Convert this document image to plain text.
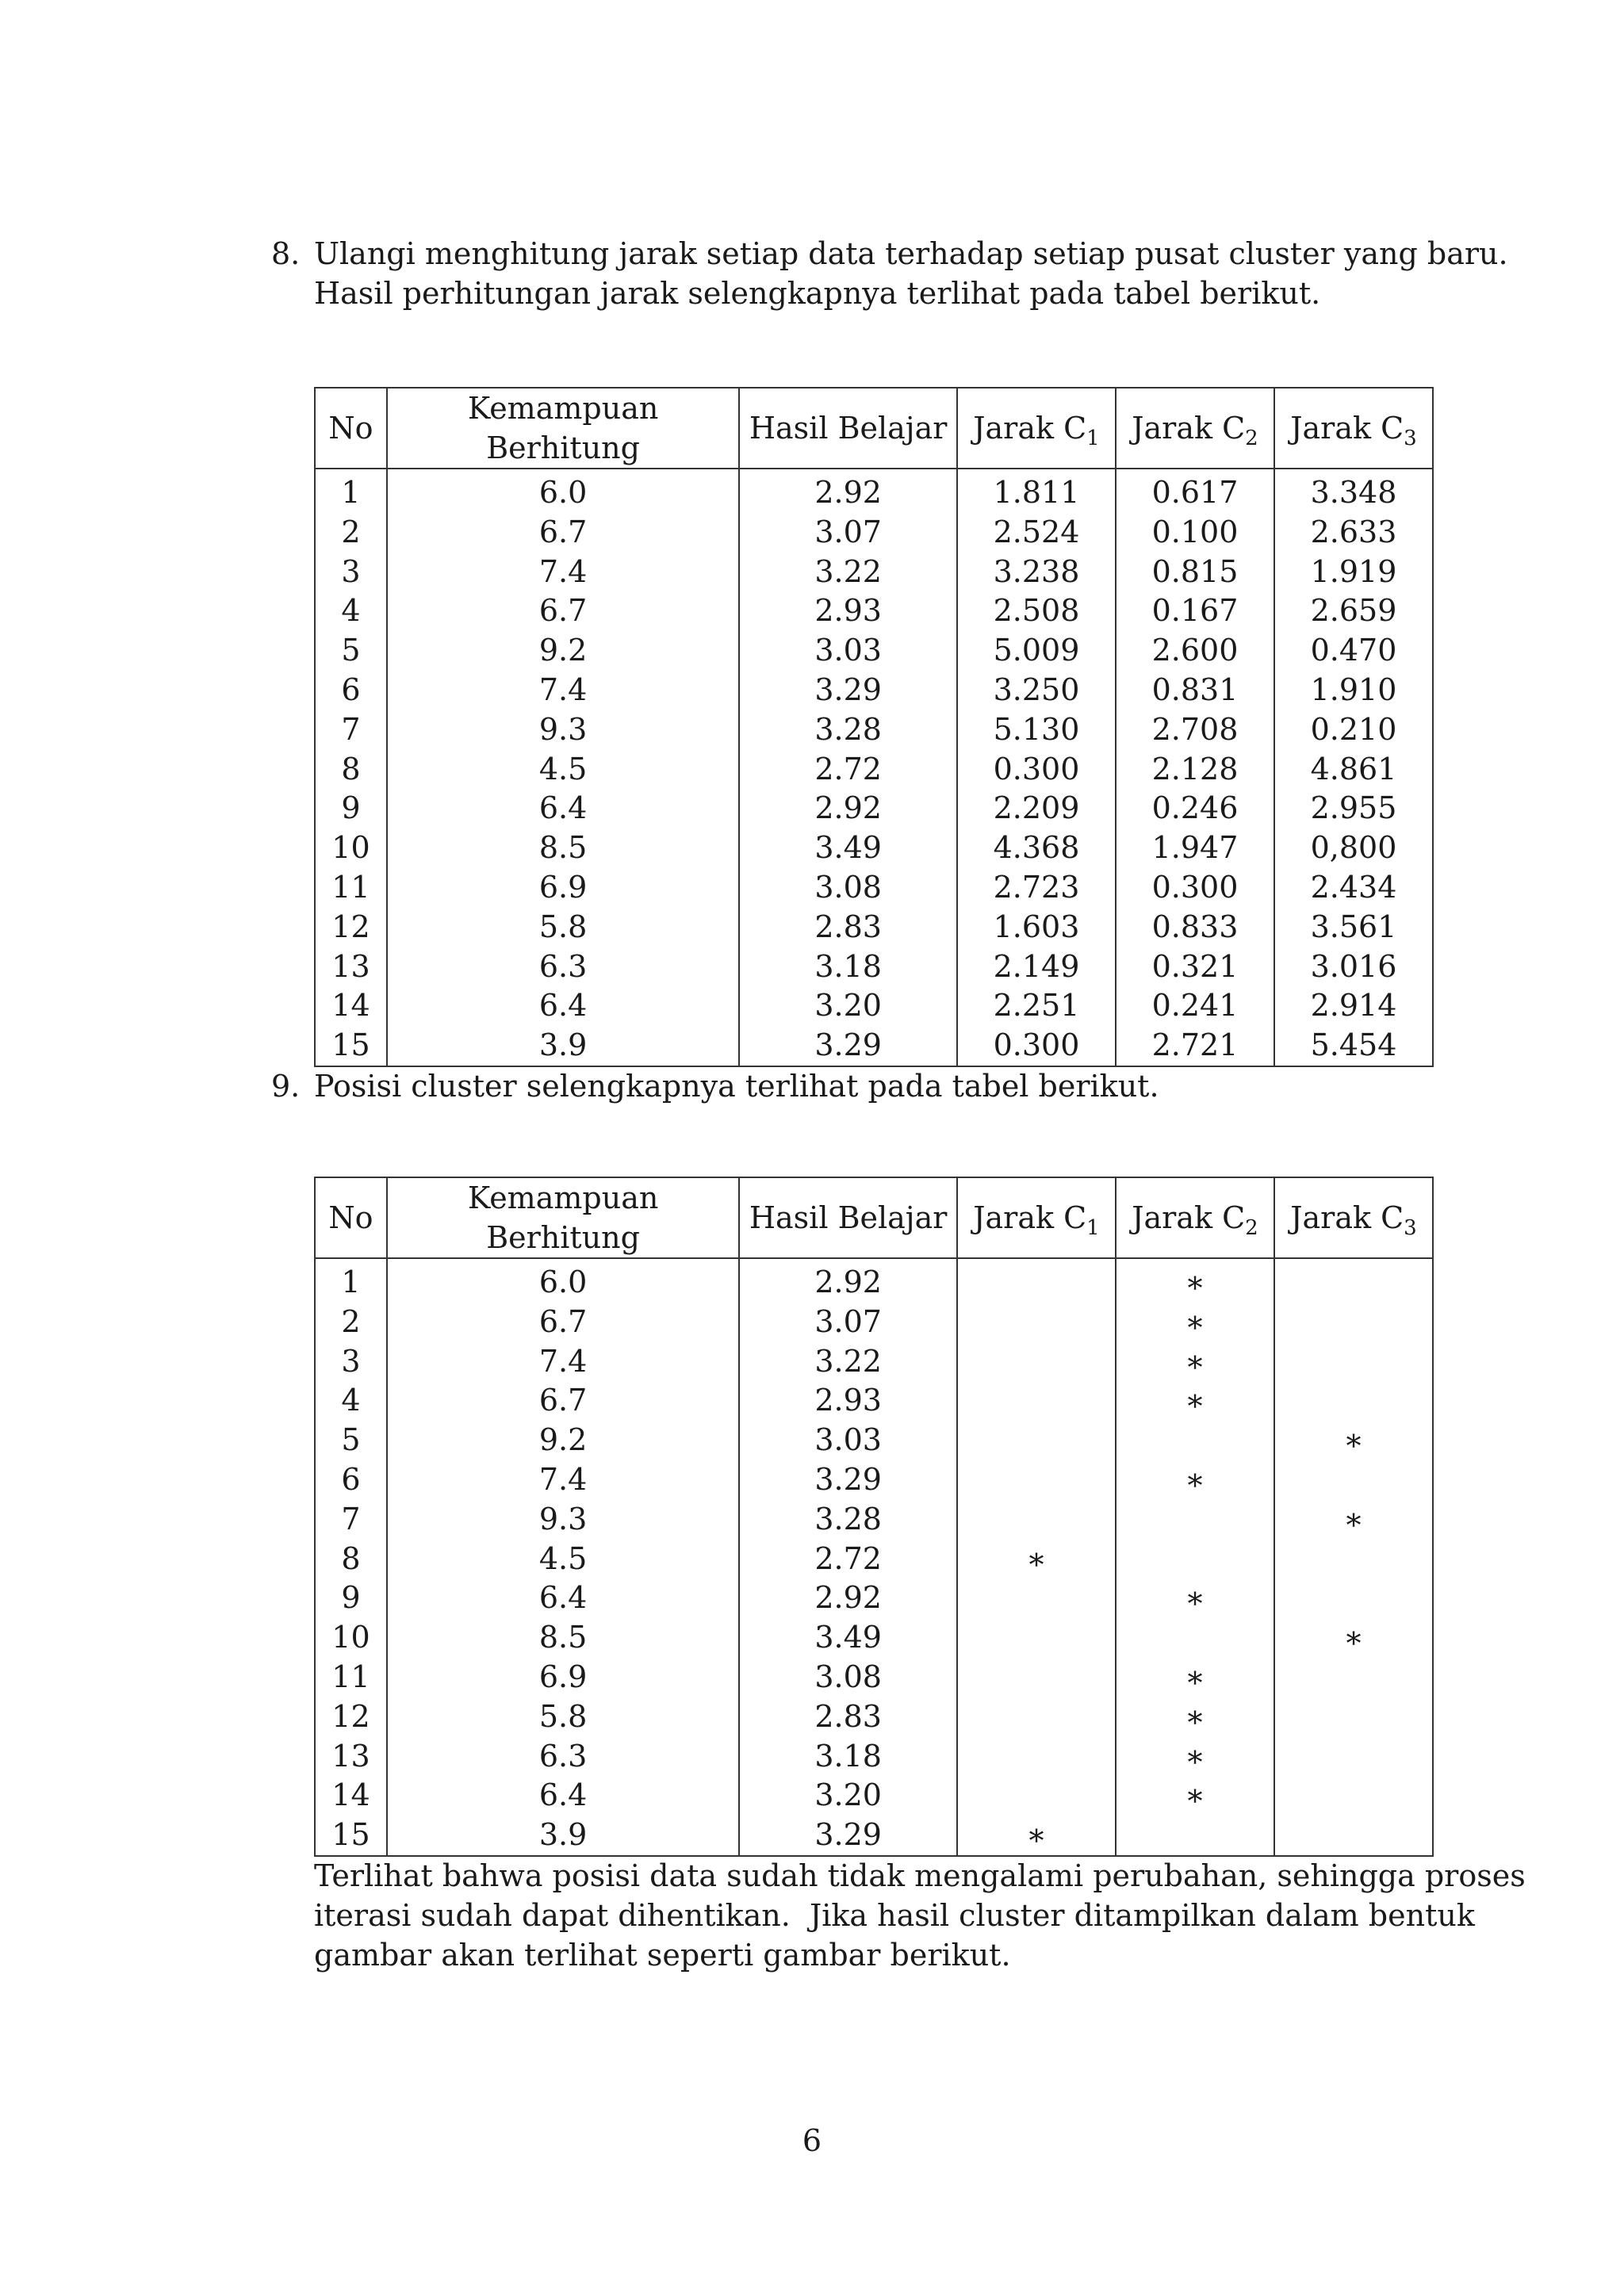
8. Ulangi menghitung jarak setiap data terhadap setiap pusat cluster yang baru.
Hasil perhitungan jarak selengkapnya terlihat pada tabel berikut.
No	Kemampuan Berhitung	Hasil Belajar	Jarak $C_1$	Jarak $C_2$	Jarak $C_3$

1	6.0	2.92	1.811	0.617	3.348
2	6.7	3.07	2.524	0.100	2.633
3	7.4	3.22	3.238	0.815	1.919
4	6.7	2.93	2.508	0.167	2.659
5	9.2	3.03	5.009	2.600	0.470
6	7.4	3.29	3.250	0.831	1.910
7	9.3	3.28	5.130	2.708	0.210
8	4.5	2.72	0.300	2.128	4.861
9	6.4	2.92	2.209	0.246	2.955
10	8.5	3.49	4.368	1.947	0,800
11	6.9	3.08	2.723	0.300	2.434
12	5.8	2.83	1.603	0.833	3.561
13	6.3	3.18	2.149	0.321	3.016
14	6.4	3.20	2.251	0.241	2.914
15	3.9	3.29	0.300	2.721	5.454
9. Posisi cluster selengkapnya terlihat pada tabel berikut.
No	Kemampuan Berhitung	Hasil Belajar	Jarak $C_1$	Jarak $C_2$	Jarak $C_3$

1	6.0	2.92		∗	
2	6.7	3.07		∗	
3	7.4	3.22		∗	
4	6.7	2.93		∗	
5	9.2	3.03			∗
6	7.4	3.29		∗	
7	9.3	3.28			∗
8	4.5	2.72	∗		
9	6.4	2.92		∗	
10	8.5	3.49			∗
11	6.9	3.08		∗	
12	5.8	2.83		∗	
13	6.3	3.18		∗	
14	6.4	3.20		∗	
15	3.9	3.29	∗		
Terlihat bahwa posisi data sudah tidak mengalami perubahan, sehingga proses
iterasi sudah dapat dihentikan.  Jika hasil cluster ditampilkan dalam bentuk
gambar akan terlihat seperti gambar berikut.
6
